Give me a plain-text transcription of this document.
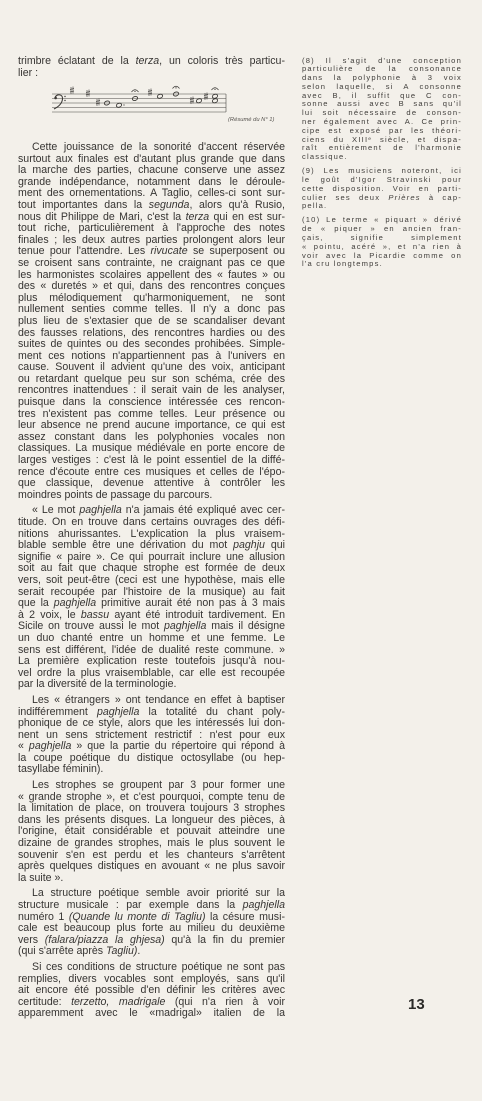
trimbre éclatant de la terza, un coloris très particu-
lier :
(Résumé du N° 1)
Cette jouissance de la sonorité d'accent réservée
surtout aux finales est d'autant plus grande que dans
la marche des parties, chacune conserve une assez
grande indépendance, notamment dans le déroule-
ment des ornementations. A Taglio, celles-ci sont sur-
tout importantes dans la segunda, alors qu'à Rusio,
nous dit Philippe de Mari, c'est la terza qui en est sur-
tout riche, particulièrement à l'approche des notes
finales ; les deux autres parties prolongent alors leur
tenue pour l'attendre. Les rivucate se superposent ou
se croisent sans contrainte, ne craignant pas ce que
les harmonistes scolaires appellent des « fautes » ou
des « duretés » et qui, dans des rencontres conçues
plus mélodiquement qu'harmoniquement, ne sont
nullement senties comme telles. Il n'y a donc pas
plus lieu de s'extasier que de se scandaliser devant
des fausses relations, des rencontres hardies ou des
suites de quintes ou des secondes prohibées. Simple-
ment ces notions n'appartiennent pas à l'univers en
cause. Souvent il advient qu'une des voix, anticipant
ou retardant quelque peu sur son schéma, crée des
rencontres inattendues : il serait vain de les analyser,
puisque dans la conscience intéressée ces rencon-
tres n'existent pas comme telles. Leur présence ou
leur absence ne prend aucune importance, ce qui est
assez constant dans les polyphonies vocales non
classiques. La musique médiévale en porte encore de
larges vestiges : c'est là le point essentiel de la diffé-
rence d'écoute entre ces musiques et celles de l'épo-
que classique, devenue attentive à contrôler les
moindres points de passage du parcours.
« Le mot paghjella n'a jamais été expliqué avec cer-
titude. On en trouve dans certains ouvrages des défi-
nitions ahurissantes. L'explication la plus vraisem-
blable semble être une dérivation du mot paghju qui
signifie « paire ». Ce qui pourrait inclure une allusion
soit au fait que chaque strophe est formée de deux
vers, soit peut-être (ceci est une hypothèse, mais elle
serait recoupée par l'histoire de la musique) au fait
que la paghjella primitive aurait été non pas à 3 mais
à 2 voix, le bassu ayant été introduit tardivement. En
Sicile on trouve aussi le mot paghjella mais il désigne
un duo chanté entre un homme et une femme. Le
sens est différent, l'idée de dualité reste commune. »
La première explication reste toutefois jusqu'à nou-
vel ordre la plus vraisemblable, car elle est recoupée
par la diversité de la terminologie.
Les « étrangers » ont tendance en effet à baptiser
indifféremment paghjella la totalité du chant poly-
phonique de ce style, alors que les intéressés lui don-
nent un sens strictement restrictif : n'est pour eux
« paghjella » que la partie du répertoire qui répond à
la coupe poétique du distique octosyllabe (ou hep-
tasyllabe féminin).
Les strophes se groupent par 3 pour former une
« grande strophe », et c'est pourquoi, compte tenu de
la limitation de place, on trouvera toujours 3 strophes
dans les présents disques. La longueur des pièces, à
l'origine, était considérable et pouvait atteindre une
dizaine de grandes strophes, mais le plus souvent le
souvenir s'en est perdu et les chanteurs s'arrêtent
après quelques distiques en avouant « ne plus savoir
la suite ».
La structure poétique semble avoir priorité sur la
structure musicale : par exemple dans la paghjella
numéro 1 (Quande lu monte di Tagliu) la césure musi-
cale est beaucoup plus forte au milieu du deuxième
vers (falara/piazza la ghjesa) qu'à la fin du premier
(qui s'arrête après Tagliu).
Si ces conditions de structure poétique ne sont pas
remplies, divers vocables sont employés, sans qu'il
ait encore été possible d'en définir les critères avec
certitude: terzetto, madrigale (qui n'a rien à voir
apparemment avec le «madrigal» italien de la
(8) Il s'agit d'une conception
particulière de la consonance
dans la polyphonie à 3 voix
selon laquelle, si A consonne
avec B, il suffit que C con-
sonne aussi avec B sans qu'il
lui soit nécessaire de conson-
ner également avec A. Ce prin-
cipe est exposé par les théori-
ciens du XIIIe siècle, et dispa-
raît entièrement de l'harmonie
classique.
(9) Les musiciens noteront, ici
le goût d'Igor Stravinski pour
cette disposition. Voir en parti-
culier ses deux Prières à cap-
pella.
(10) Le terme « piquart » dérivé
de « piquer » en ancien fran-
çais, signifie simplement
« pointu, acéré », et n'a rien à
voir avec la Picardie comme on
l'a cru longtemps.
13
